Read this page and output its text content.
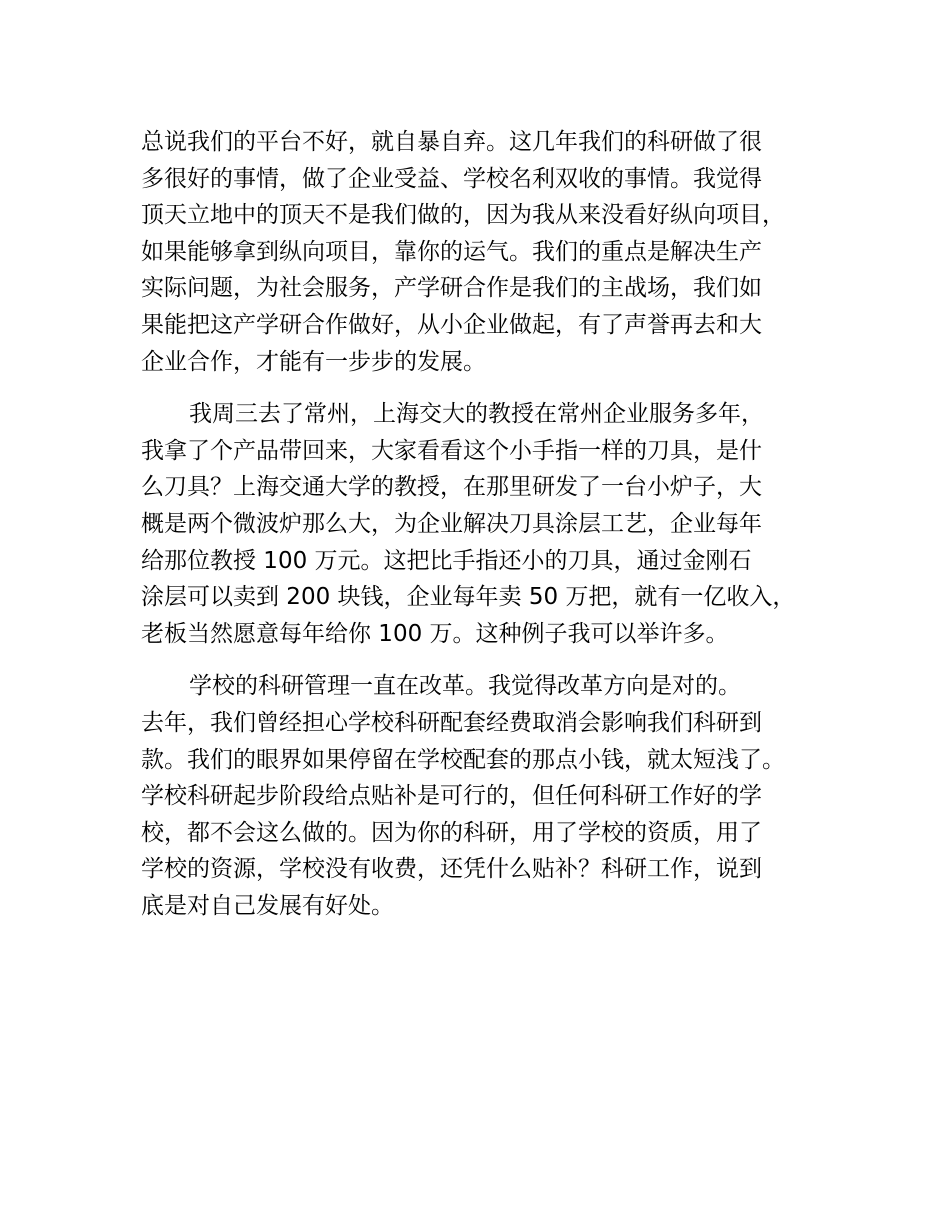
总说我们的平台不好，就自暴自弃。这几年我们的科研做了很
多很好的事情，做了企业受益、学校名利双收的事情。我觉得
顶天立地中的顶天不是我们做的，因为我从来没看好纵向项目，
如果能够拿到纵向项目，靠你的运气。我们的重点是解决生产
实际问题，为社会服务，产学研合作是我们的主战场，我们如
果能把这产学研合作做好，从小企业做起，有了声誉再去和大
企业合作，才能有一步步的发展。
我周三去了常州，上海交大的教授在常州企业服务多年，
我拿了个产品带回来，大家看看这个小手指一样的刀具，是什
么刀具？上海交通大学的教授，在那里研发了一台小炉子，大
概是两个微波炉那么大，为企业解决刀具涂层工艺，企业每年
给那位教授 100 万元。这把比手指还小的刀具，通过金刚石
涂层可以卖到 200 块钱，企业每年卖 50 万把，就有一亿收入，
老板当然愿意每年给你 100 万。这种例子我可以举许多。
学校的科研管理一直在改革。我觉得改革方向是对的。
去年，我们曾经担心学校科研配套经费取消会影响我们科研到
款。我们的眼界如果停留在学校配套的那点小钱，就太短浅了。
学校科研起步阶段给点贴补是可行的，但任何科研工作好的学
校，都不会这么做的。因为你的科研，用了学校的资质，用了
学校的资源，学校没有收费，还凭什么贴补？科研工作，说到
底是对自己发展有好处。
